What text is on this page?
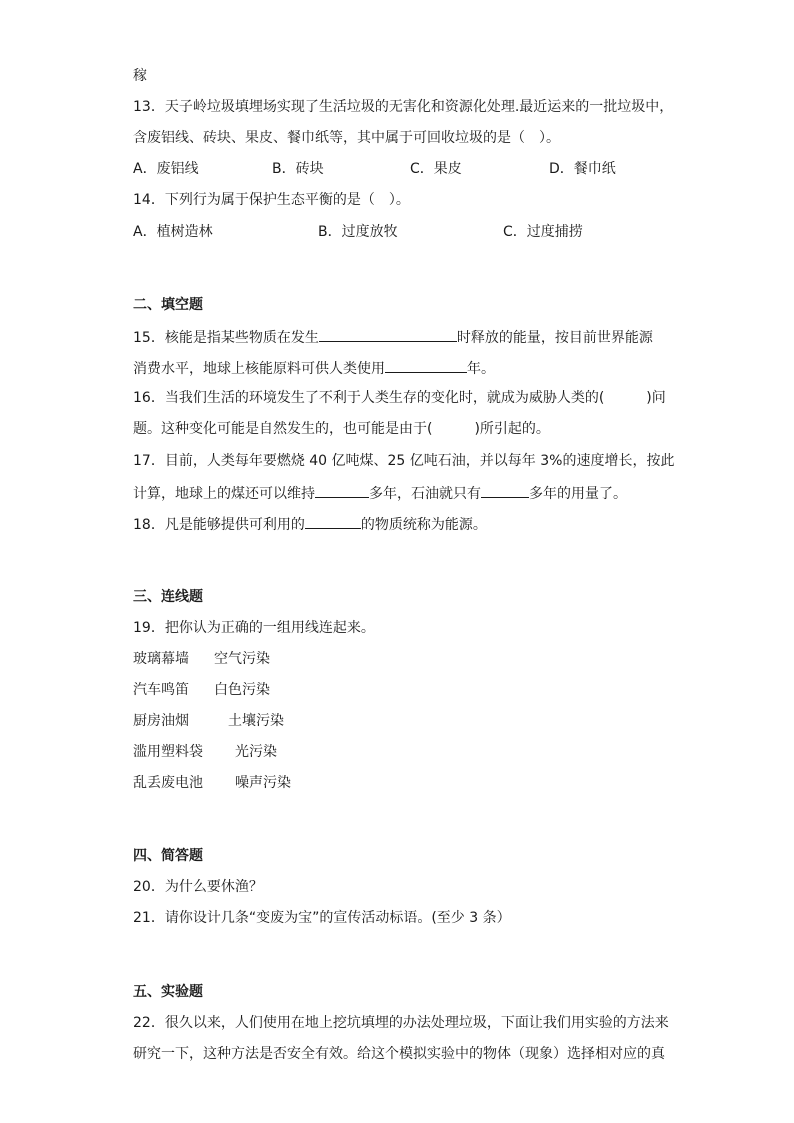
稼
13．天子岭垃圾填埋场实现了生活垃圾的无害化和资源化处理.最近运来的一批垃圾中，
含废铝线、砖块、果皮、餐巾纸等，其中属于可回收垃圾的是（　）。
A．废铝线	B．砖块	C．果皮	D．餐巾纸
14．下列行为属于保护生态平衡的是（　）。
A．植树造林	B．过度放牧	C．过度捕捞
二、填空题
15．核能是指某些物质在发生	时释放的能量，按目前世界能源
消费水平，地球上核能原料可供人类使用	年。
16．当我们生活的环境发生了不利于人类生存的变化时，就成为威胁人类的(	)问
题。这种变化可能是自然发生的，也可能是由于(	)所引起的。
17．目前，人类每年要燃烧 40 亿吨煤、25 亿吨石油，并以每年 3%的速度增长，按此
计算，地球上的煤还可以维持	多年，石油就只有	多年的用量了。
18．凡是能够提供可利用的	的物质统称为能源。
三、连线题
19．把你认为正确的一组用线连起来。
玻璃幕墙 空气污染
汽车鸣笛 白色污染
厨房油烟	土壤污染
滥用塑料袋 光污染
乱丢废电池 噪声污染
四、简答题
20．为什么要休渔？
21．请你设计几条“变废为宝”的宣传活动标语。(至少 3 条）
五、实验题
22．很久以来，人们使用在地上挖坑填埋的办法处理垃圾，下面让我们用实验的方法来
研究一下，这种方法是否安全有效。给这个模拟实验中的物体（现象）选择相对应的真
